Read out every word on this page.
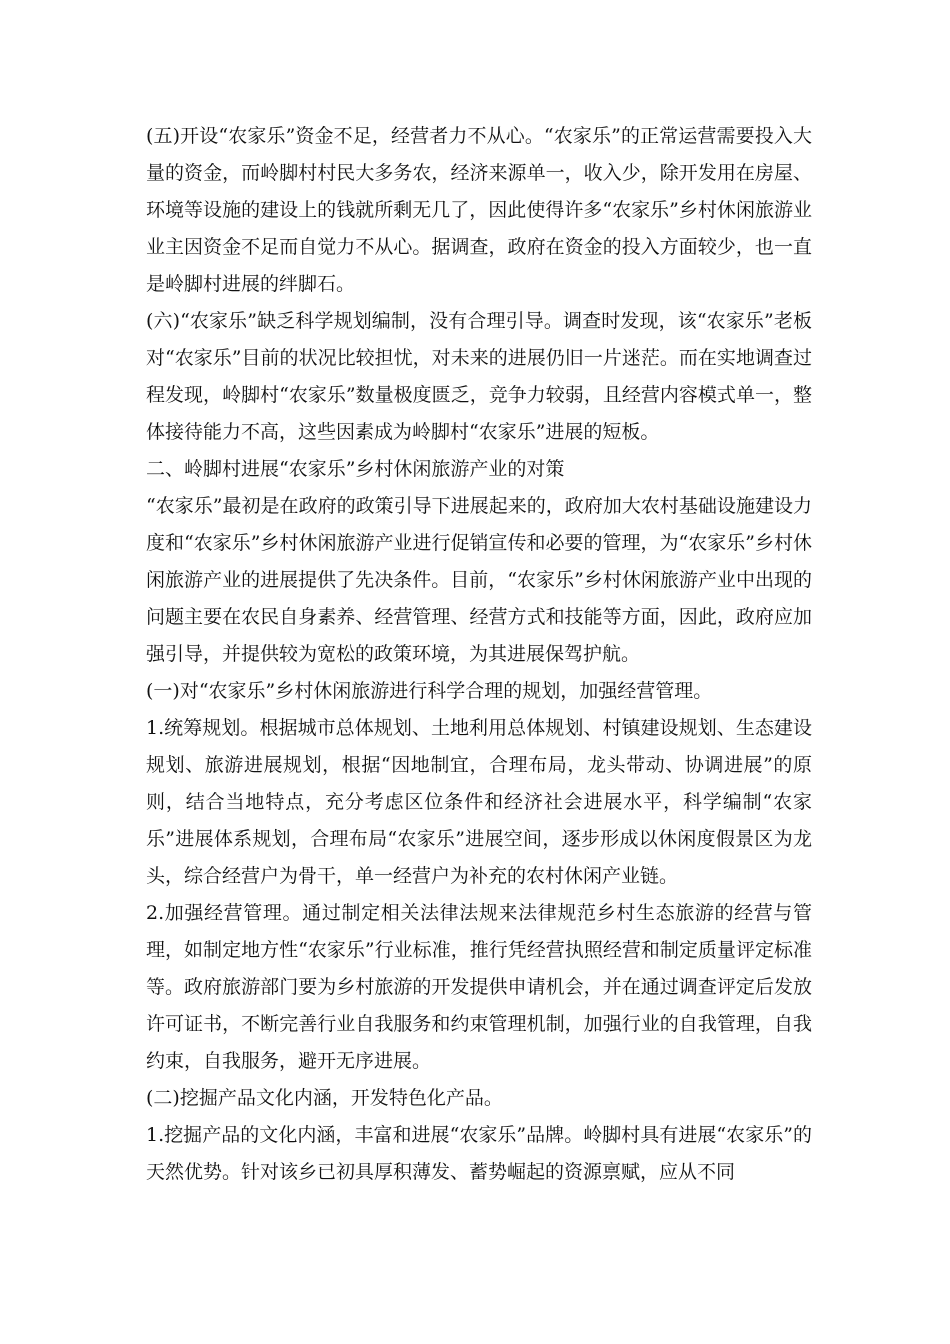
(五)开设“农家乐”资金不足，经营者力不从心。“农家乐”的正常运营需要投入大量的资金，而岭脚村村民大多务农，经济来源单一，收入少，除开发用在房屋、环境等设施的建设上的钱就所剩无几了，因此使得许多“农家乐”乡村休闲旅游业业主因资金不足而自觉力不从心。据调查，政府在资金的投入方面较少，也一直是岭脚村进展的绊脚石。

(六)“农家乐”缺乏科学规划编制，没有合理引导。调查时发现，该“农家乐”老板对“农家乐”目前的状况比较担忧，对未来的进展仍旧一片迷茫。而在实地调查过程发现，岭脚村“农家乐”数量极度匮乏，竞争力较弱，且经营内容模式单一，整体接待能力不高，这些因素成为岭脚村“农家乐”进展的短板。

二、岭脚村进展“农家乐”乡村休闲旅游产业的对策

“农家乐”最初是在政府的政策引导下进展起来的，政府加大农村基础设施建设力度和“农家乐”乡村休闲旅游产业进行促销宣传和必要的管理，为“农家乐”乡村休闲旅游产业的进展提供了先决条件。目前，“农家乐”乡村休闲旅游产业中出现的问题主要在农民自身素养、经营管理、经营方式和技能等方面，因此，政府应加强引导，并提供较为宽松的政策环境，为其进展保驾护航。

(一)对“农家乐”乡村休闲旅游进行科学合理的规划，加强经营管理。

1.统筹规划。根据城市总体规划、土地利用总体规划、村镇建设规划、生态建设规划、旅游进展规划，根据“因地制宜，合理布局，龙头带动、协调进展”的原则，结合当地特点，充分考虑区位条件和经济社会进展水平，科学编制“农家乐”进展体系规划，合理布局“农家乐”进展空间，逐步形成以休闲度假景区为龙头，综合经营户为骨干，单一经营户为补充的农村休闲产业链。

2.加强经营管理。通过制定相关法律法规来法律规范乡村生态旅游的经营与管理，如制定地方性“农家乐”行业标准，推行凭经营执照经营和制定质量评定标准等。政府旅游部门要为乡村旅游的开发提供申请机会，并在通过调查评定后发放许可证书，不断完善行业自我服务和约束管理机制，加强行业的自我管理，自我约束，自我服务，避开无序进展。

(二)挖掘产品文化内涵，开发特色化产品。

1.挖掘产品的文化内涵，丰富和进展“农家乐”品牌。岭脚村具有进展“农家乐”的天然优势。针对该乡已初具厚积薄发、蓄势崛起的资源禀赋，应从不同
